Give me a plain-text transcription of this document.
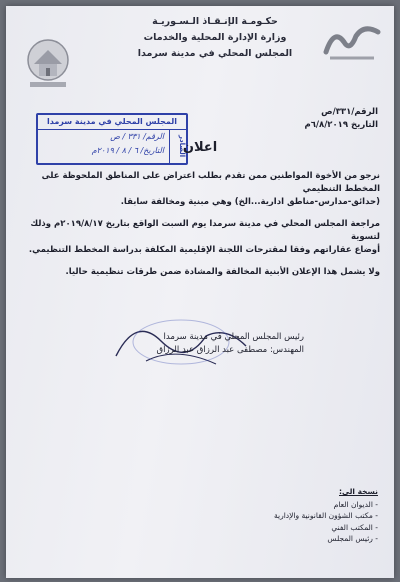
حكـومـة الإنـقـاذ الـسـوريـة
وزارة الإدارة المحلية والخدمات
المجلس المحلي في مدينة سرمدا
الرقم/٣٣١/ص
التاريخ ٦/٨/٢٠١٩م
المجلس المحلي في مدينة سرمدا
الصادر
الرقم/ ٣٣١ / ص
التاريخ/ ٦ / ٨ / ٢٠١٩م	اعلان

نرجو من الأخوة المواطنين ممن تقدم بطلب اعتراض على المناطق الملحوظة على المخطط التنظيمي
(حدائق-مدارس-مناطق ادارية...الخ) وهي مبنية ومخالفة سابقا.

مراجعة المجلس المحلي في مدينة سرمدا يوم السبت الواقع بتاريخ ٢٠١٩/٨/١٧م وذلك لتسوية
أوضاع عقاراتهم وفقا لمقترحات اللجنة الإقليمية المكلفة بدراسة المخطط التنظيمي.

ولا يشمل هذا الإعلان الأبنية المخالفة والمشادة ضمن طرقات تنظيمية حاليا.

رئيس المجلس المحلي في مدينة سرمدا
المهندس: مصطفى عبد الرزاق عبد الرزاق
نسخة الى:
- الديوان العام
- مكتب الشؤون القانونية والإدارية
- المكتب الفني
- رئيس المجلس
